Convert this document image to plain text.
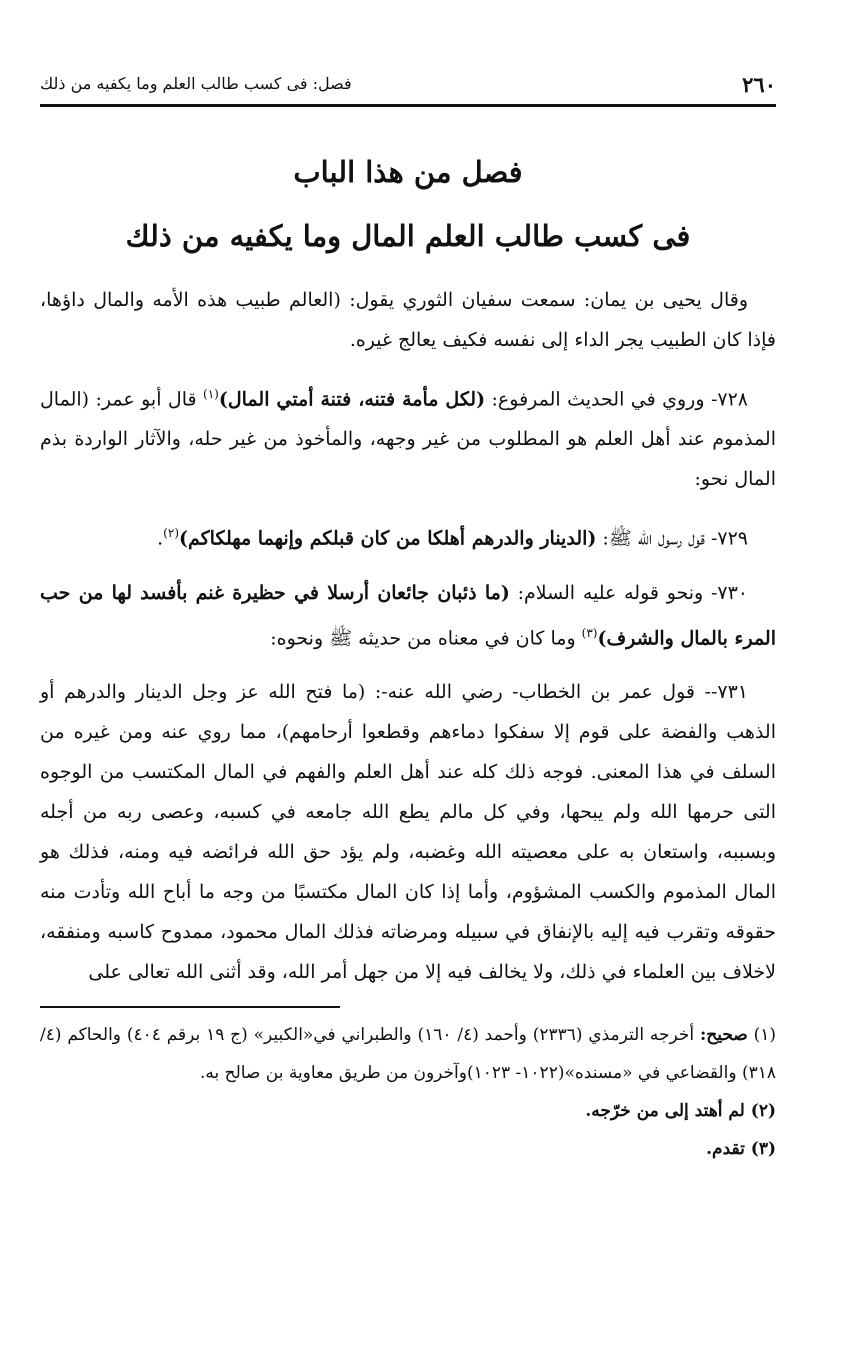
٢٦٠
فصل: فى كسب طالب العلم وما يكفيه من ذلك
فصل من هذا الباب
فى كسب طالب العلم المال وما يكفيه من ذلك

وقال يحيى بن يمان: سمعت سفيان الثوري يقول: (العالم طبيب هذه الأمه والمال داؤها، فإذا كان الطبيب يجر الداء إلى نفسه فكيف يعالج غيره.

٧٢٨- وروي في الحديث المرفوع: (لكل مأمة فتنه، فتنة أمتي المال)$^{(١)}$ قال أبو عمر: (المال المذموم عند أهل العلم هو المطلوب من غير وجهه، والمأخوذ من غير حله، والآثار الواردة بذم المال نحو:

٧٢٩- قول رسول الله ﷺ: (الدينار والدرهم أهلكا من كان قبلكم وإنهما مهلكاكم)$^{(٢)}$.

٧٣٠- ونحو قوله عليه السلام: (ما ذئبان جائعان أرسلا في حظيرة غنم بأفسد لها من حب المرء بالمال والشرف)$^{(٣)}$ وما كان في معناه من حديثه ﷺ ونحوه:

٧٣١-- قول عمر بن الخطاب- رضي الله عنه-: (ما فتح الله عز وجل الدينار والدرهم أو الذهب والفضة على قوم إلا سفكوا دماءهم وقطعوا أرحامهم)، مما روي عنه ومن غيره من السلف في هذا المعنى. فوجه ذلك كله عند أهل العلم والفهم في المال المكتسب من الوجوه التى حرمها الله ولم يبحها، وفي كل مالم يطع الله جامعه في كسبه، وعصى ربه من أجله وبسببه، واستعان به على معصيته الله وغضبه، ولم يؤد حق الله فرائضه فيه ومنه، فذلك هو المال المذموم والكسب المشؤوم، وأما إذا كان المال مكتسبًا من وجه ما أباح الله وتأدت منه حقوقه وتقرب فيه إليه بالإنفاق في سبيله ومرضاته فذلك المال محمود، ممدوح كاسبه ومنفقه، لاخلاف بين العلماء في ذلك، ولا يخالف فيه إلا من جهل أمر الله، وقد أثنى الله تعالى على

(١) صحيح: أخرجه الترمذي (٢٣٣٦) وأحمد (٤/ ١٦٠) والطبراني في«الكبير» (ج ١٩ برقم ٤٠٤) والحاكم (٤/ ٣١٨) والقضاعي في «مسنده»(١٠٢٢- ١٠٢٣)وآخرون من طريق معاوية بن صالح به.

(٢) لم أهتد إلى من خرّجه.

(٣) تقدم.
